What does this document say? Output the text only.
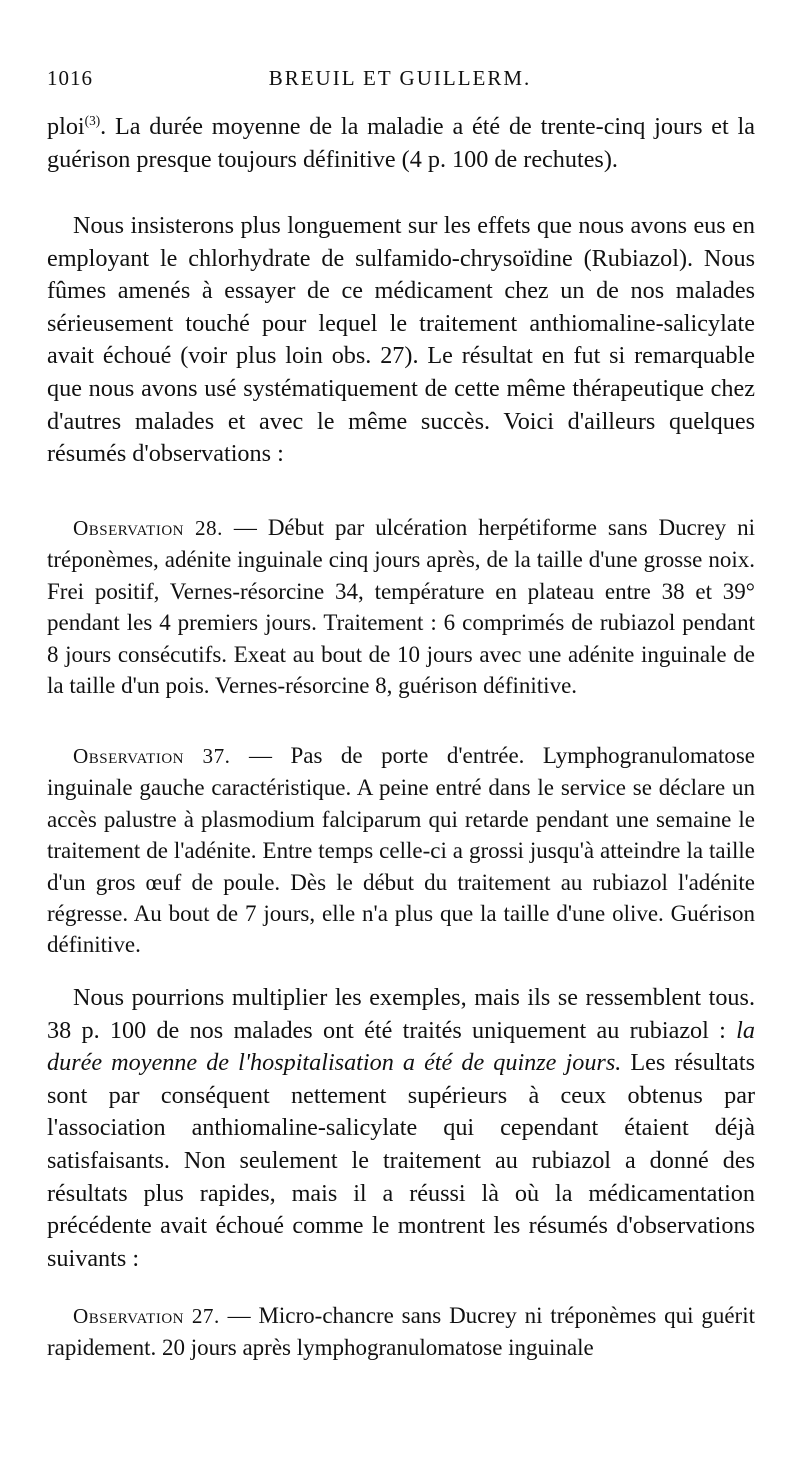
1016	BREUIL ET GUILLERM.

ploi$^{(3)}$. La durée moyenne de la maladie a été de trente-cinq jours et la guérison presque toujours définitive (4 p. 100 de rechutes).

Nous insisterons plus longuement sur les effets que nous avons eus en employant le chlorhydrate de sulfamido-chrysoïdine (Rubiazol). Nous fûmes amenés à essayer de ce médicament chez un de nos malades sérieusement touché pour lequel le traitement anthiomaline-salicylate avait échoué (voir plus loin obs. 27). Le résultat en fut si remarquable que nous avons usé systématiquement de cette même thérapeutique chez d'autres malades et avec le même succès. Voici d'ailleurs quelques résumés d'observations :

Observation 28. — Début par ulcération herpétiforme sans Ducrey ni tréponèmes, adénite inguinale cinq jours après, de la taille d'une grosse noix. Frei positif, Vernes-résorcine 34, température en plateau entre 38 et 39° pendant les 4 premiers jours. Traitement : 6 comprimés de rubiazol pendant 8 jours consécutifs. Exeat au bout de 10 jours avec une adénite inguinale de la taille d'un pois. Vernes-résorcine 8, guérison définitive.

Observation 37. — Pas de porte d'entrée. Lymphogranulomatose inguinale gauche caractéristique. A peine entré dans le service se déclare un accès palustre à plasmodium falciparum qui retarde pendant une semaine le traitement de l'adénite. Entre temps celle-ci a grossi jusqu'à atteindre la taille d'un gros œuf de poule. Dès le début du traitement au rubiazol l'adénite régresse. Au bout de 7 jours, elle n'a plus que la taille d'une olive. Guérison définitive.

Nous pourrions multiplier les exemples, mais ils se ressemblent tous. 38 p. 100 de nos malades ont été traités uniquement au rubiazol : la durée moyenne de l'hospitalisation a été de quinze jours. Les résultats sont par conséquent nettement supérieurs à ceux obtenus par l'association anthiomaline-salicylate qui cependant étaient déjà satisfaisants. Non seulement le traitement au rubiazol a donné des résultats plus rapides, mais il a réussi là où la médicamentation précédente avait échoué comme le montrent les résumés d'observations suivants :

Observation 27. — Micro-chancre sans Ducrey ni tréponèmes qui guérit rapidement. 20 jours après lymphogranulomatose inguinale
